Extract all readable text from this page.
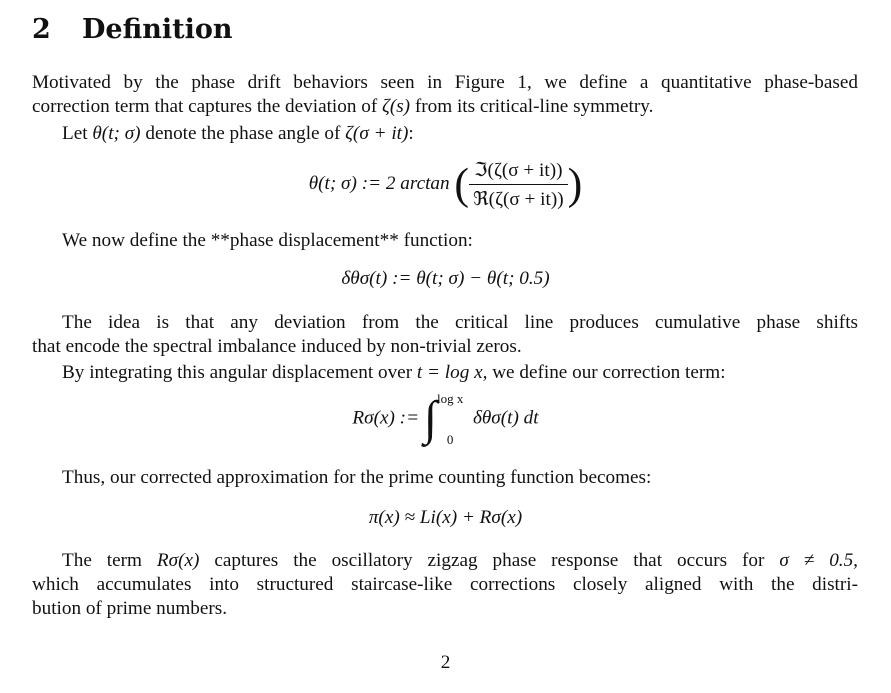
2 Definition
Motivated by the phase drift behaviors seen in Figure 1, we define a quantitative phase-based
correction term that captures the deviation of ζ(s) from its critical-line symmetry.
Let θ(t; σ) denote the phase angle of ζ(σ + it):
θ(t; σ) := 2 arctan ( $\frac{\text{ℑ(ζ(σ + it))}}{\text{ℜ(ζ(σ + it))}}$ )
We now define the **phase displacement** function:
δθσ(t) := θ(t; σ) − θ(t; 0.5)
The idea is that any deviation from the critical line produces cumulative phase shifts
that encode the spectral imbalance induced by non-trivial zeros.
By integrating this angular displacement over t = log x, we define our correction term:
Rσ(x) := ∫ log x
0
δθσ(t) dt
Thus, our corrected approximation for the prime counting function becomes:
π(x) ≈ Li(x) + Rσ(x)
The term Rσ(x) captures the oscillatory zigzag phase response that occurs for σ ≠ 0.5,
which accumulates into structured staircase-like corrections closely aligned with the distri-
bution of prime numbers.
2
